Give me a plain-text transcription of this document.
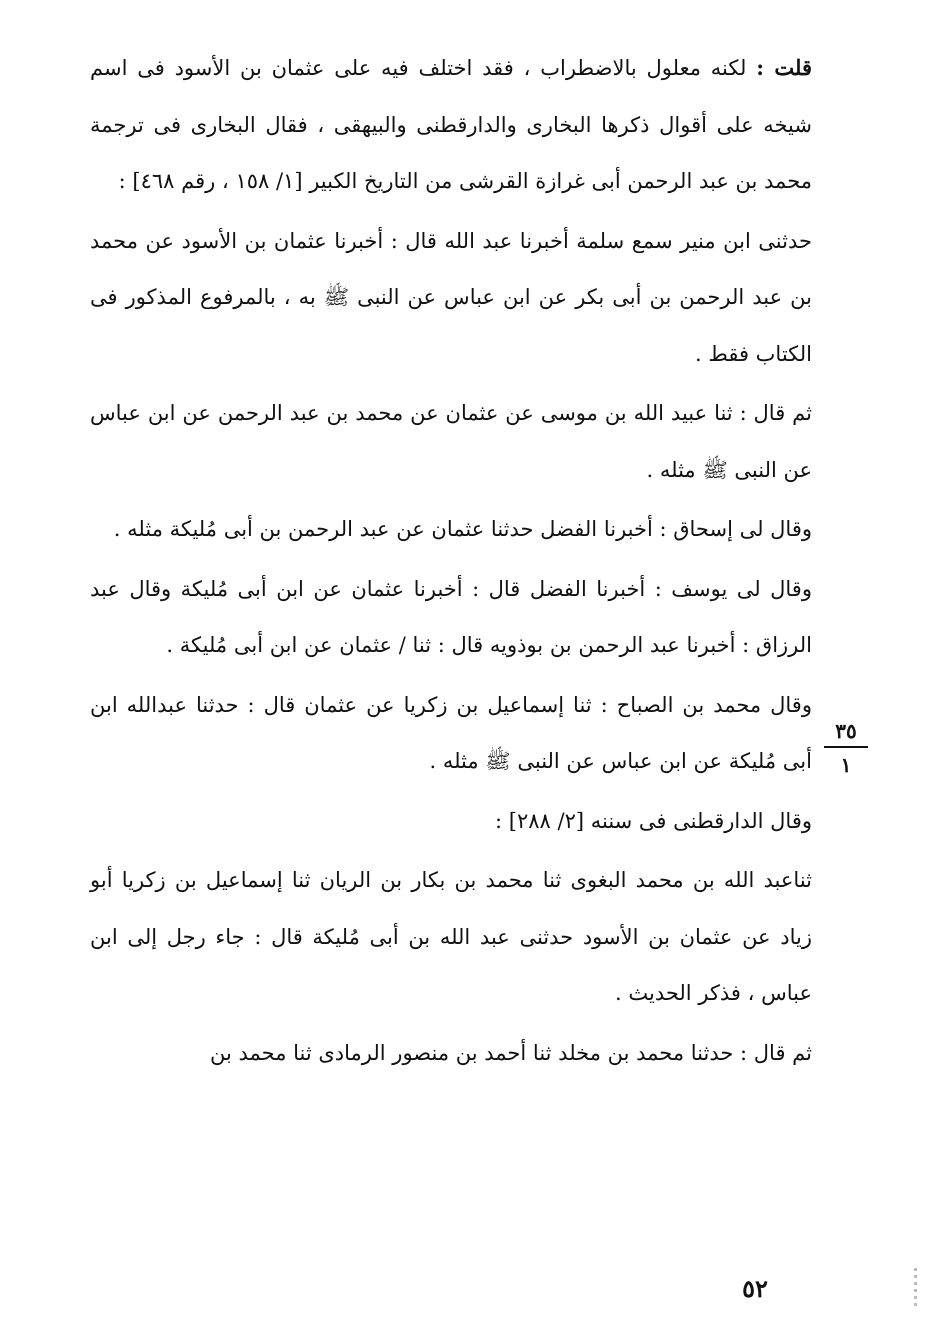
قلت : لكنه معلول بالاضطراب ، فقد اختلف فيه على عثمان بن الأسود فى اسم شيخه على أقوال ذكرها البخارى والدارقطنى والبيهقى ، فقال البخارى فى ترجمة محمد بن عبد الرحمن أبى غرازة القرشى من التاريخ الكبير [١/ ١٥٨ ، رقم ٤٦٨] :

حدثنى ابن منير سمع سلمة أخبرنا عبد الله قال : أخبرنا عثمان بن الأسود عن محمد بن عبد الرحمن بن أبى بكر عن ابن عباس عن النبى ﷺ به ، بالمرفوع المذكور فى الكتاب فقط .

ثم قال : ثنا عبيد الله بن موسى عن عثمان عن محمد بن عبد الرحمن عن ابن عباس عن النبى ﷺ مثله .

وقال لى إسحاق : أخبرنا الفضل حدثنا عثمان عن عبد الرحمن بن أبى مُليكة مثله .

وقال لى يوسف : أخبرنا الفضل قال : أخبرنا عثمان عن ابن أبى مُليكة وقال عبد الرزاق : أخبرنا عبد الرحمن بن بوذويه قال : ثنا / عثمان عن ابن أبى مُليكة .

وقال محمد بن الصباح : ثنا إسماعيل بن زكريا عن عثمان قال : حدثنا عبدالله ابن أبى مُليكة عن ابن عباس عن النبى ﷺ مثله .

وقال الدارقطنى فى سننه [٢/ ٢٨٨] :

ثناعبد الله بن محمد البغوى ثنا محمد بن بكار بن الريان ثنا إسماعيل بن زكريا أبو زياد عن عثمان بن الأسود حدثنى عبد الله بن أبى مُليكة قال : جاء رجل إلى ابن عباس ، فذكر الحديث .

ثم قال : حدثنا محمد بن مخلد ثنا أحمد بن منصور الرمادى ثنا محمد بن

٣٥
١
٥٢
